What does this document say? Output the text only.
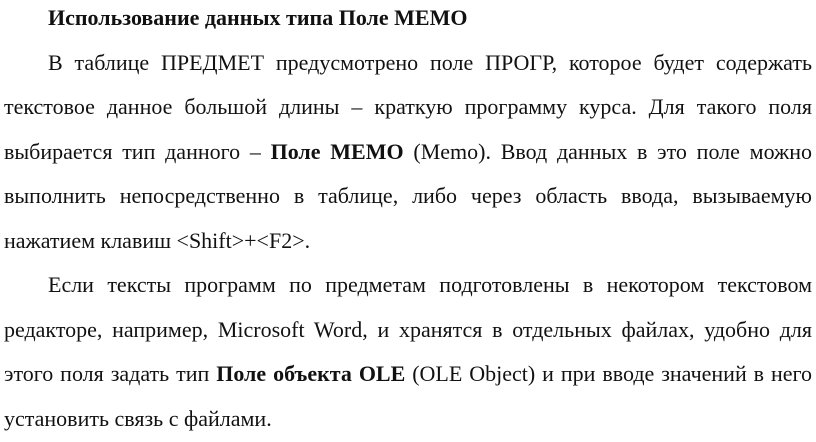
Использование данных типа Поле MEMO

В таблице ПРЕДМЕТ предусмотрено поле ПРОГР, которое будет содержать текстовое данное большой длины – краткую программу курса. Для такого поля выбирается тип данного – Поле MEMO (Memo). Ввод данных в это поле можно выполнить непосредственно в таблице, либо через область ввода, вызываемую нажатием клавиш <Shift>+<F2>.

Если тексты программ по предметам подготовлены в некотором текстовом редакторе, например, Microsoft Word, и хранятся в отдельных файлах, удобно для этого поля задать тип Поле объекта OLE (OLE Object) и при вводе значений в него установить связь с файлами.
